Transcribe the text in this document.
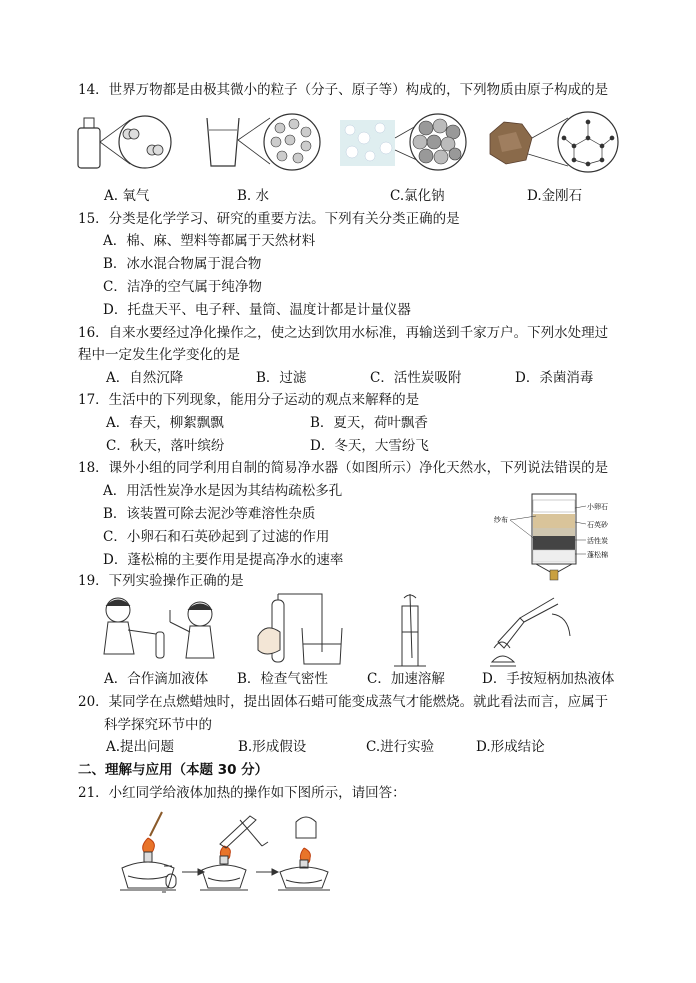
14．世界万物都是由极其微小的粒子（分子、原子等）构成的，下列物质由原子构成的是
A. 氧气	B. 水	C.氯化钠	D.金刚石
15．分类是化学学习、研究的重要方法。下列有关分类正确的是
A．棉、麻、塑料等都属于天然材料
B．冰水混合物属于混合物
C．洁净的空气属于纯净物
D．托盘天平、电子秤、量筒、温度计都是计量仪器
16．自来水要经过净化操作之，使之达到饮用水标准，再输送到千家万户。下列水处理过
程中一定发生化学变化的是
A．自然沉降	B．过滤	C．活性炭吸附	D．杀菌消毒
17．生活中的下列现象，能用分子运动的观点来解释的是
A．春天，柳絮飘飘	B．夏天，荷叶飘香
C．秋天，落叶缤纷	D．冬天，大雪纷飞
18．课外小组的同学利用自制的简易净水器（如图所示）净化天然水，下列说法错误的是
A．用活性炭净水是因为其结构疏松多孔
B．该装置可除去泥沙等难溶性杂质
C．小卵石和石英砂起到了过滤的作用
D．蓬松棉的主要作用是提高净水的速率
纱布
小卵石
石英砂
活性炭
蓬松棉
19．下列实验操作正确的是
A．合作滴加液体 B．检查气密性	C．加速溶解	D．手按短柄加热液体
20．某同学在点燃蜡烛时，提出固体石蜡可能变成蒸气才能燃烧。就此看法而言，应属于
科学探究环节中的
A.提出问题	B.形成假设	C.进行实验	D.形成结论
二、理解与应用（本题 30 分）
21．小红同学给液体加热的操作如下图所示，请回答：
